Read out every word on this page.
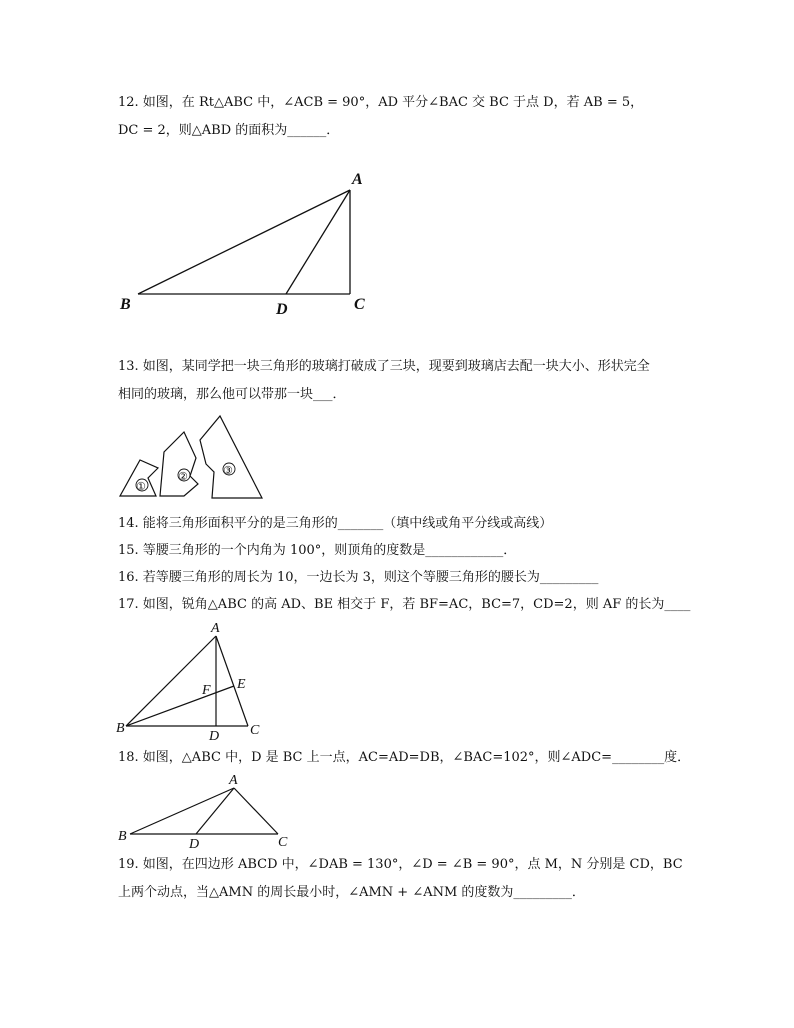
12. 如图，在 Rt△ABC 中，∠ACB = 90°，AD 平分∠BAC 交 BC 于点 D，若 AB = 5，
DC = 2，则△ABD 的面积为______．
A
B	C
D
13. 如图，某同学把一块三角形的玻璃打破成了三块，现要到玻璃店去配一块大小、形状完全
相同的玻璃，那么他可以带那一块___．
①
②	③
14. 能将三角形面积平分的是三角形的_______（填中线或角平分线或高线）
15. 等腰三角形的一个内角为 100°，则顶角的度数是____________．
16. 若等腰三角形的周长为 10，一边长为 3，则这个等腰三角形的腰长为_________
17. 如图，锐角△ABC 的高 AD、BE 相交于 F，若 BF=AC，BC=7，CD=2，则 AF 的长为____
A
B	C
D
E
F
18. 如图，△ABC 中，D 是 BC 上一点，AC=AD=DB，∠BAC=102°，则∠ADC=________度．
A
B	C
D
19. 如图，在四边形 ABCD 中，∠DAB = 130°，∠D = ∠B = 90°，点 M，N 分别是 CD，BC
上两个动点，当△AMN 的周长最小时，∠AMN + ∠ANM 的度数为_________．
